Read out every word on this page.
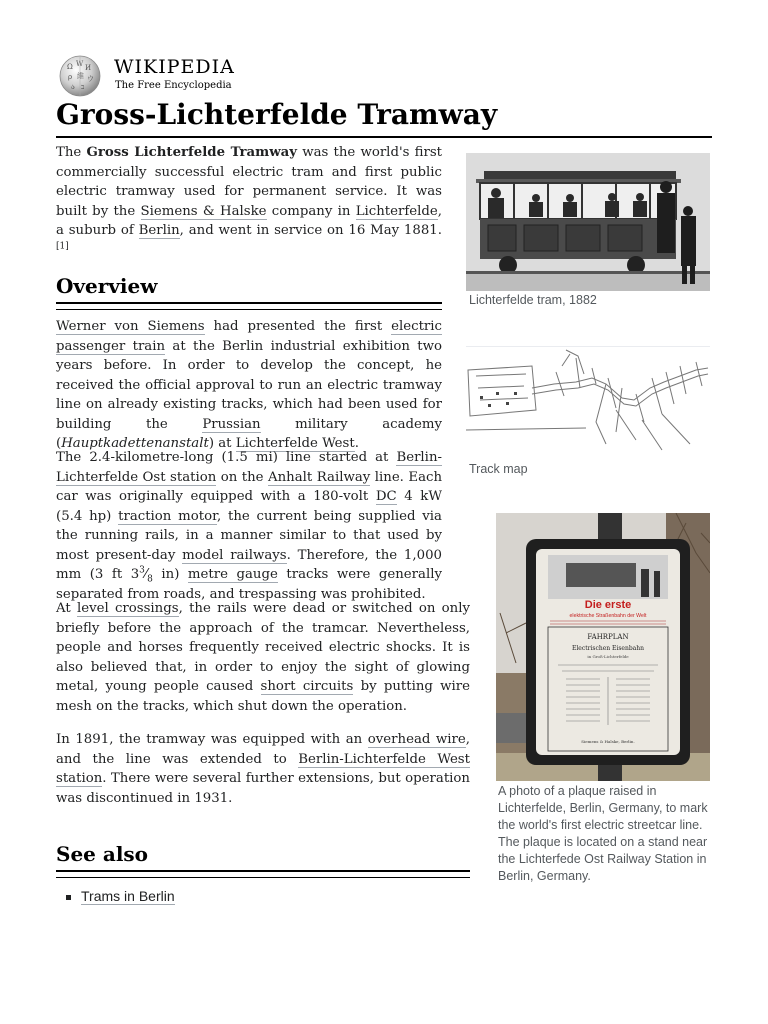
Ω W И
ρ 維 ウ
ა ב
WIKIPEDIA
The Free Encyclopedia
Gross-Lichterfelde Tramway

The Gross Lichterfelde Tramway was the world's first commercially successful electric tram and first public electric tramway used for permanent service. It was built by the Siemens & Halske company in Lichterfelde, a suburb of Berlin, and went in service on 16 May 1881.[1]

Overview

Werner von Siemens had presented the first electric passenger train at the Berlin industrial exhibition two years before. In order to develop the concept, he received the official approval to run an electric tramway line on already existing tracks, which had been used for building the Prussian military academy (Hauptkadettenanstalt) at Lichterfelde West.

The 2.4-kilometre-long (1.5 mi) line started at Berlin-Lichterfelde Ost station on the Anhalt Railway line. Each car was originally equipped with a 180-volt DC 4 kW (5.4 hp) traction motor, the current being supplied via the running rails, in a manner similar to that used by most present-day model railways. Therefore, the 1,000 mm (3 ft $3^3⁄_8$ in) metre gauge tracks were generally separated from roads, and trespassing was prohibited.

At level crossings, the rails were dead or switched on only briefly before the approach of the tramcar. Nevertheless, people and horses frequently received electric shocks. It is also believed that, in order to enjoy the sight of glowing metal, young people caused short circuits by putting wire mesh on the tracks, which shut down the operation.

In 1891, the tramway was equipped with an overhead wire, and the line was extended to Berlin-Lichterfelde West station. There were several further extensions, but operation was discontinued in 1931.

See also
Trams in Berlin
Lichterfelde tram, 1882
Track map
Die erste
elektrische Straßenbahn der Welt
FAHRPLAN
Electrischen Eisenbahn
in Groß-Lichterfelde
Siemens & Halske, Berlin.
A photo of a plaque raised in Lichterfelde, Berlin, Germany, to mark the world's first electric streetcar line. The plaque is located on a stand near the Lichterfede Ost Railway Station in Berlin, Germany.
